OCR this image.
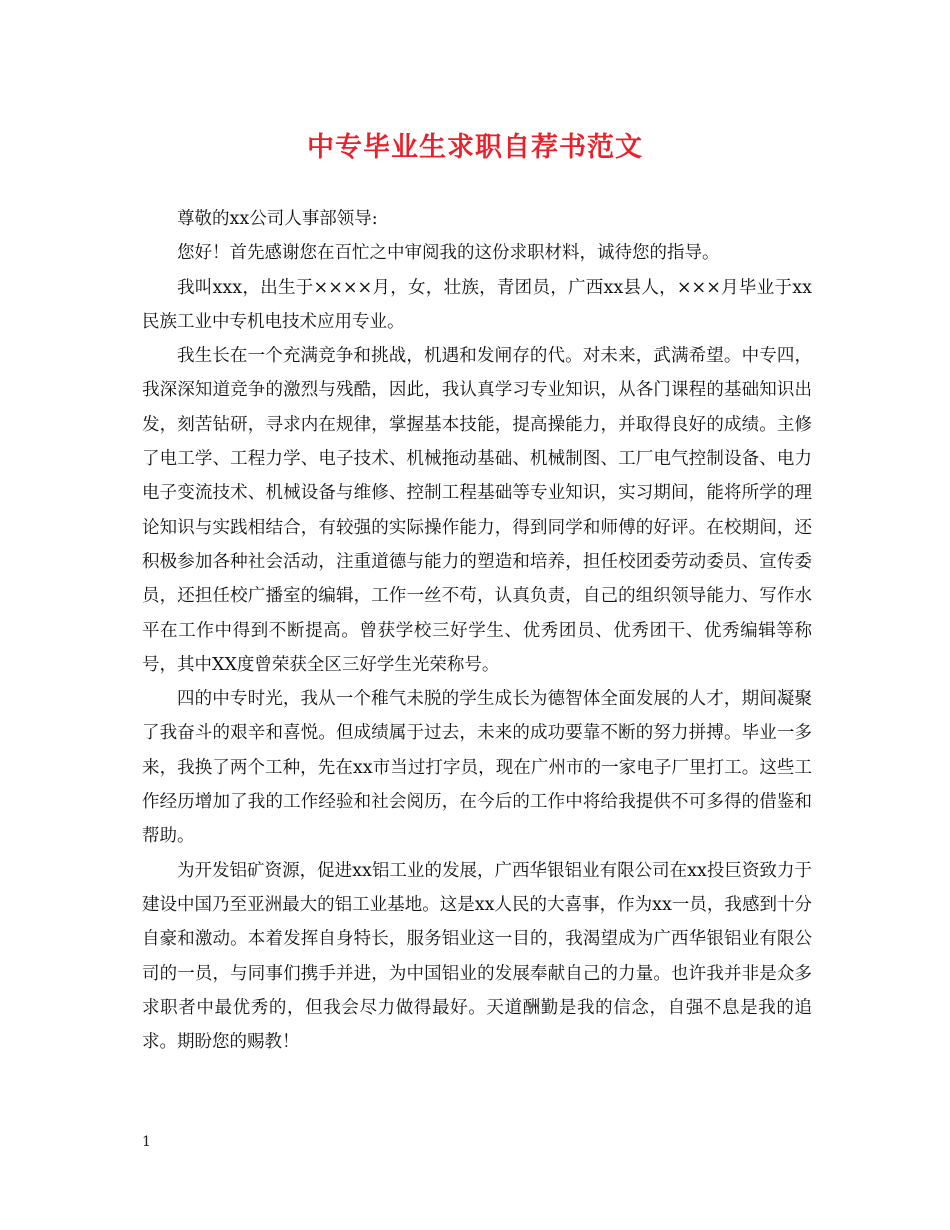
中专毕业生求职自荐书范文

尊敬的xx公司人事部领导:

您好！首先感谢您在百忙之中审阅我的这份求职材料，诚待您的指导。

我叫xxx，出生于××××月，女，壮族，青团员，广西xx县人，×××月毕业于xx民族工业中专机电技术应用专业。

我生长在一个充满竞争和挑战，机遇和发闸存的代。对未来，武满希望。中专四，我深深知道竞争的激烈与残酷，因此，我认真学习专业知识，从各门课程的基础知识出发，刻苦钻研，寻求内在规律，掌握基本技能，提高操能力，并取得良好的成绩。主修了电工学、工程力学、电子技术、机械拖动基础、机械制图、工厂电气控制设备、电力电子变流技术、机械设备与维修、控制工程基础等专业知识，实习期间，能将所学的理论知识与实践相结合，有较强的实际操作能力，得到同学和师傅的好评。在校期间，还积极参加各种社会活动，注重道德与能力的塑造和培养，担任校团委劳动委员、宣传委员，还担任校广播室的编辑，工作一丝不苟，认真负责，自己的组织领导能力、写作水平在工作中得到不断提高。曾获学校三好学生、优秀团员、优秀团干、优秀编辑等称号，其中XX度曾荣获全区三好学生光荣称号。

四的中专时光，我从一个稚气未脱的学生成长为德智体全面发展的人才，期间凝聚了我奋斗的艰辛和喜悦。但成绩属于过去，未来的成功要靠不断的努力拼搏。毕业一多来，我换了两个工种，先在xx市当过打字员，现在广州市的一家电子厂里打工。这些工作经历增加了我的工作经验和社会阅历，在今后的工作中将给我提供不可多得的借鉴和帮助。

为开发铝矿资源，促进xx铝工业的发展，广西华银铝业有限公司在xx投巨资致力于建设中国乃至亚洲最大的铝工业基地。这是xx人民的大喜事，作为xx一员，我感到十分自豪和激动。本着发挥自身特长，服务铝业这一目的，我渴望成为广西华银铝业有限公司的一员，与同事们携手并进，为中国铝业的发展奉献自己的力量。也许我并非是众多求职者中最优秀的，但我会尽力做得最好。天道酬勤是我的信念，自强不息是我的追求。期盼您的赐教！

1
